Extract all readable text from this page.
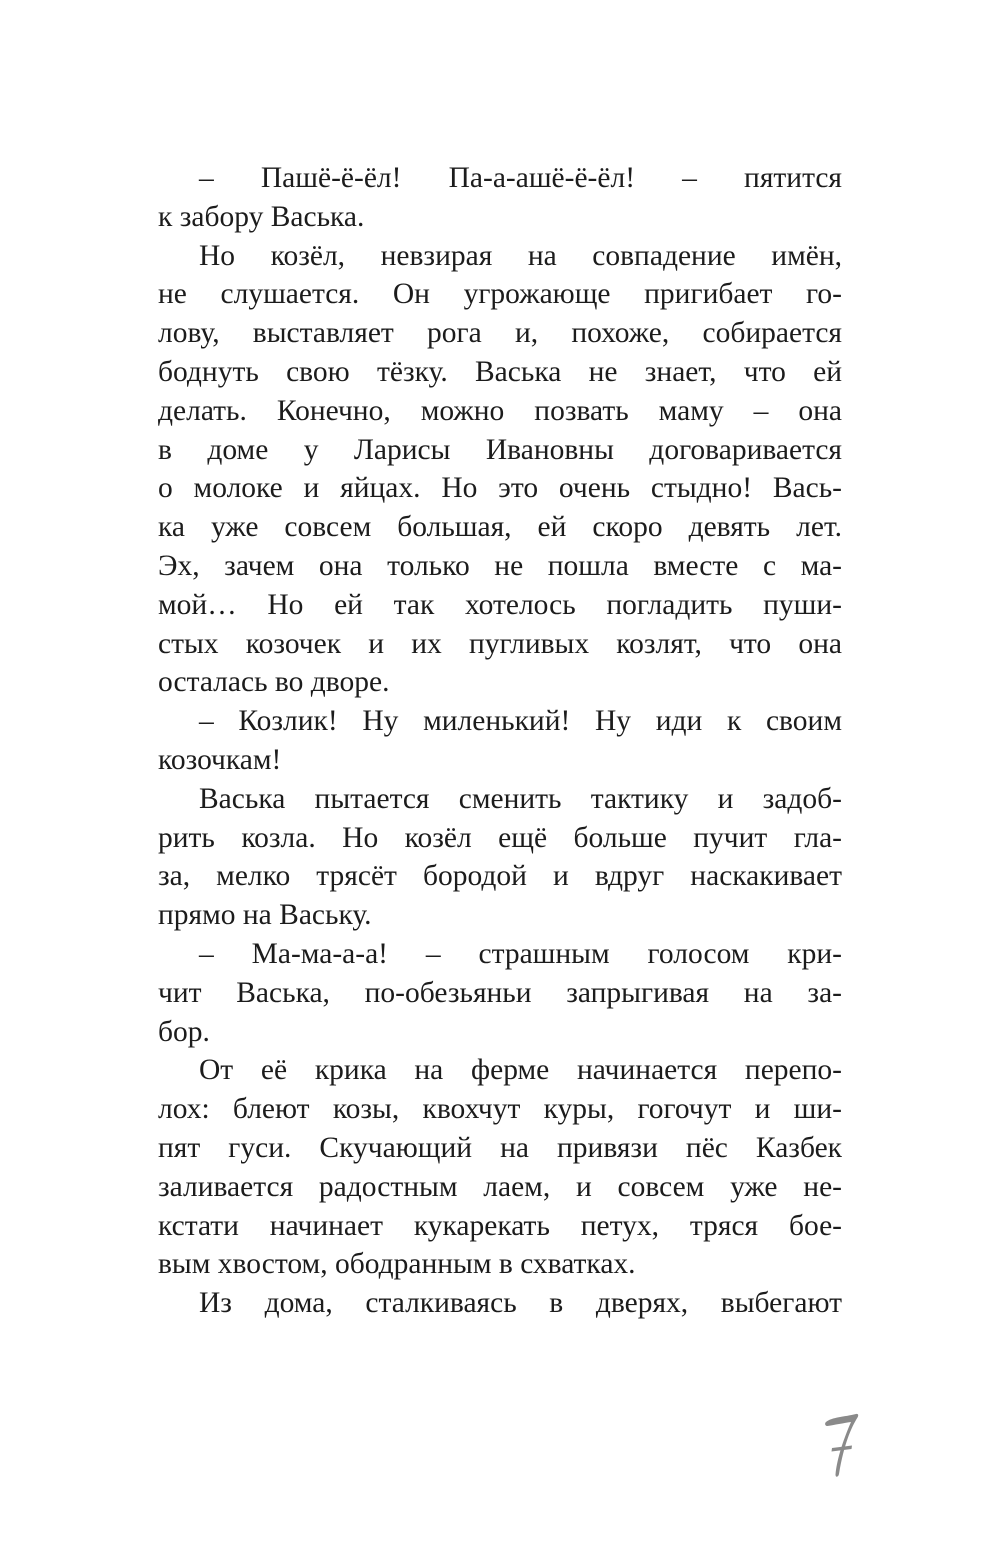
– Пашё-ё-ёл! Па-а-ашё-ё-ёл! – пятится
к забору Васька.
Но козёл, невзирая на совпадение имён,
не слушается. Он угрожающе пригибает го-
лову, выставляет рога и, похоже, собирается
боднуть свою тёзку. Васька не знает, что ей
делать. Конечно, можно позвать маму – она
в доме у Ларисы Ивановны договаривается
о молоке и яйцах. Но это очень стыдно! Вась-
ка уже совсем большая, ей скоро девять лет.
Эх, зачем она только не пошла вместе с ма-
мой… Но ей так хотелось погладить пуши-
стых козочек и их пугливых козлят, что она
осталась во дворе.
– Козлик! Ну миленький! Ну иди к своим
козочкам!
Васька пытается сменить тактику и задоб-
рить козла. Но козёл ещё больше пучит гла-
за, мелко трясёт бородой и вдруг наскакивает
прямо на Ваську.
– Ма-ма-а-а! – страшным голосом кри-
чит Васька, по-обезьяньи запрыгивая на за-
бор.
От её крика на ферме начинается перепо-
лох: блеют козы, квохчут куры, гогочут и ши-
пят гуси. Скучающий на привязи пёс Казбек
заливается радостным лаем, и совсем уже не-
кстати начинает кукарекать петух, тряся бое-
вым хвостом, ободранным в схватках.
Из дома, сталкиваясь в дверях, выбегают
